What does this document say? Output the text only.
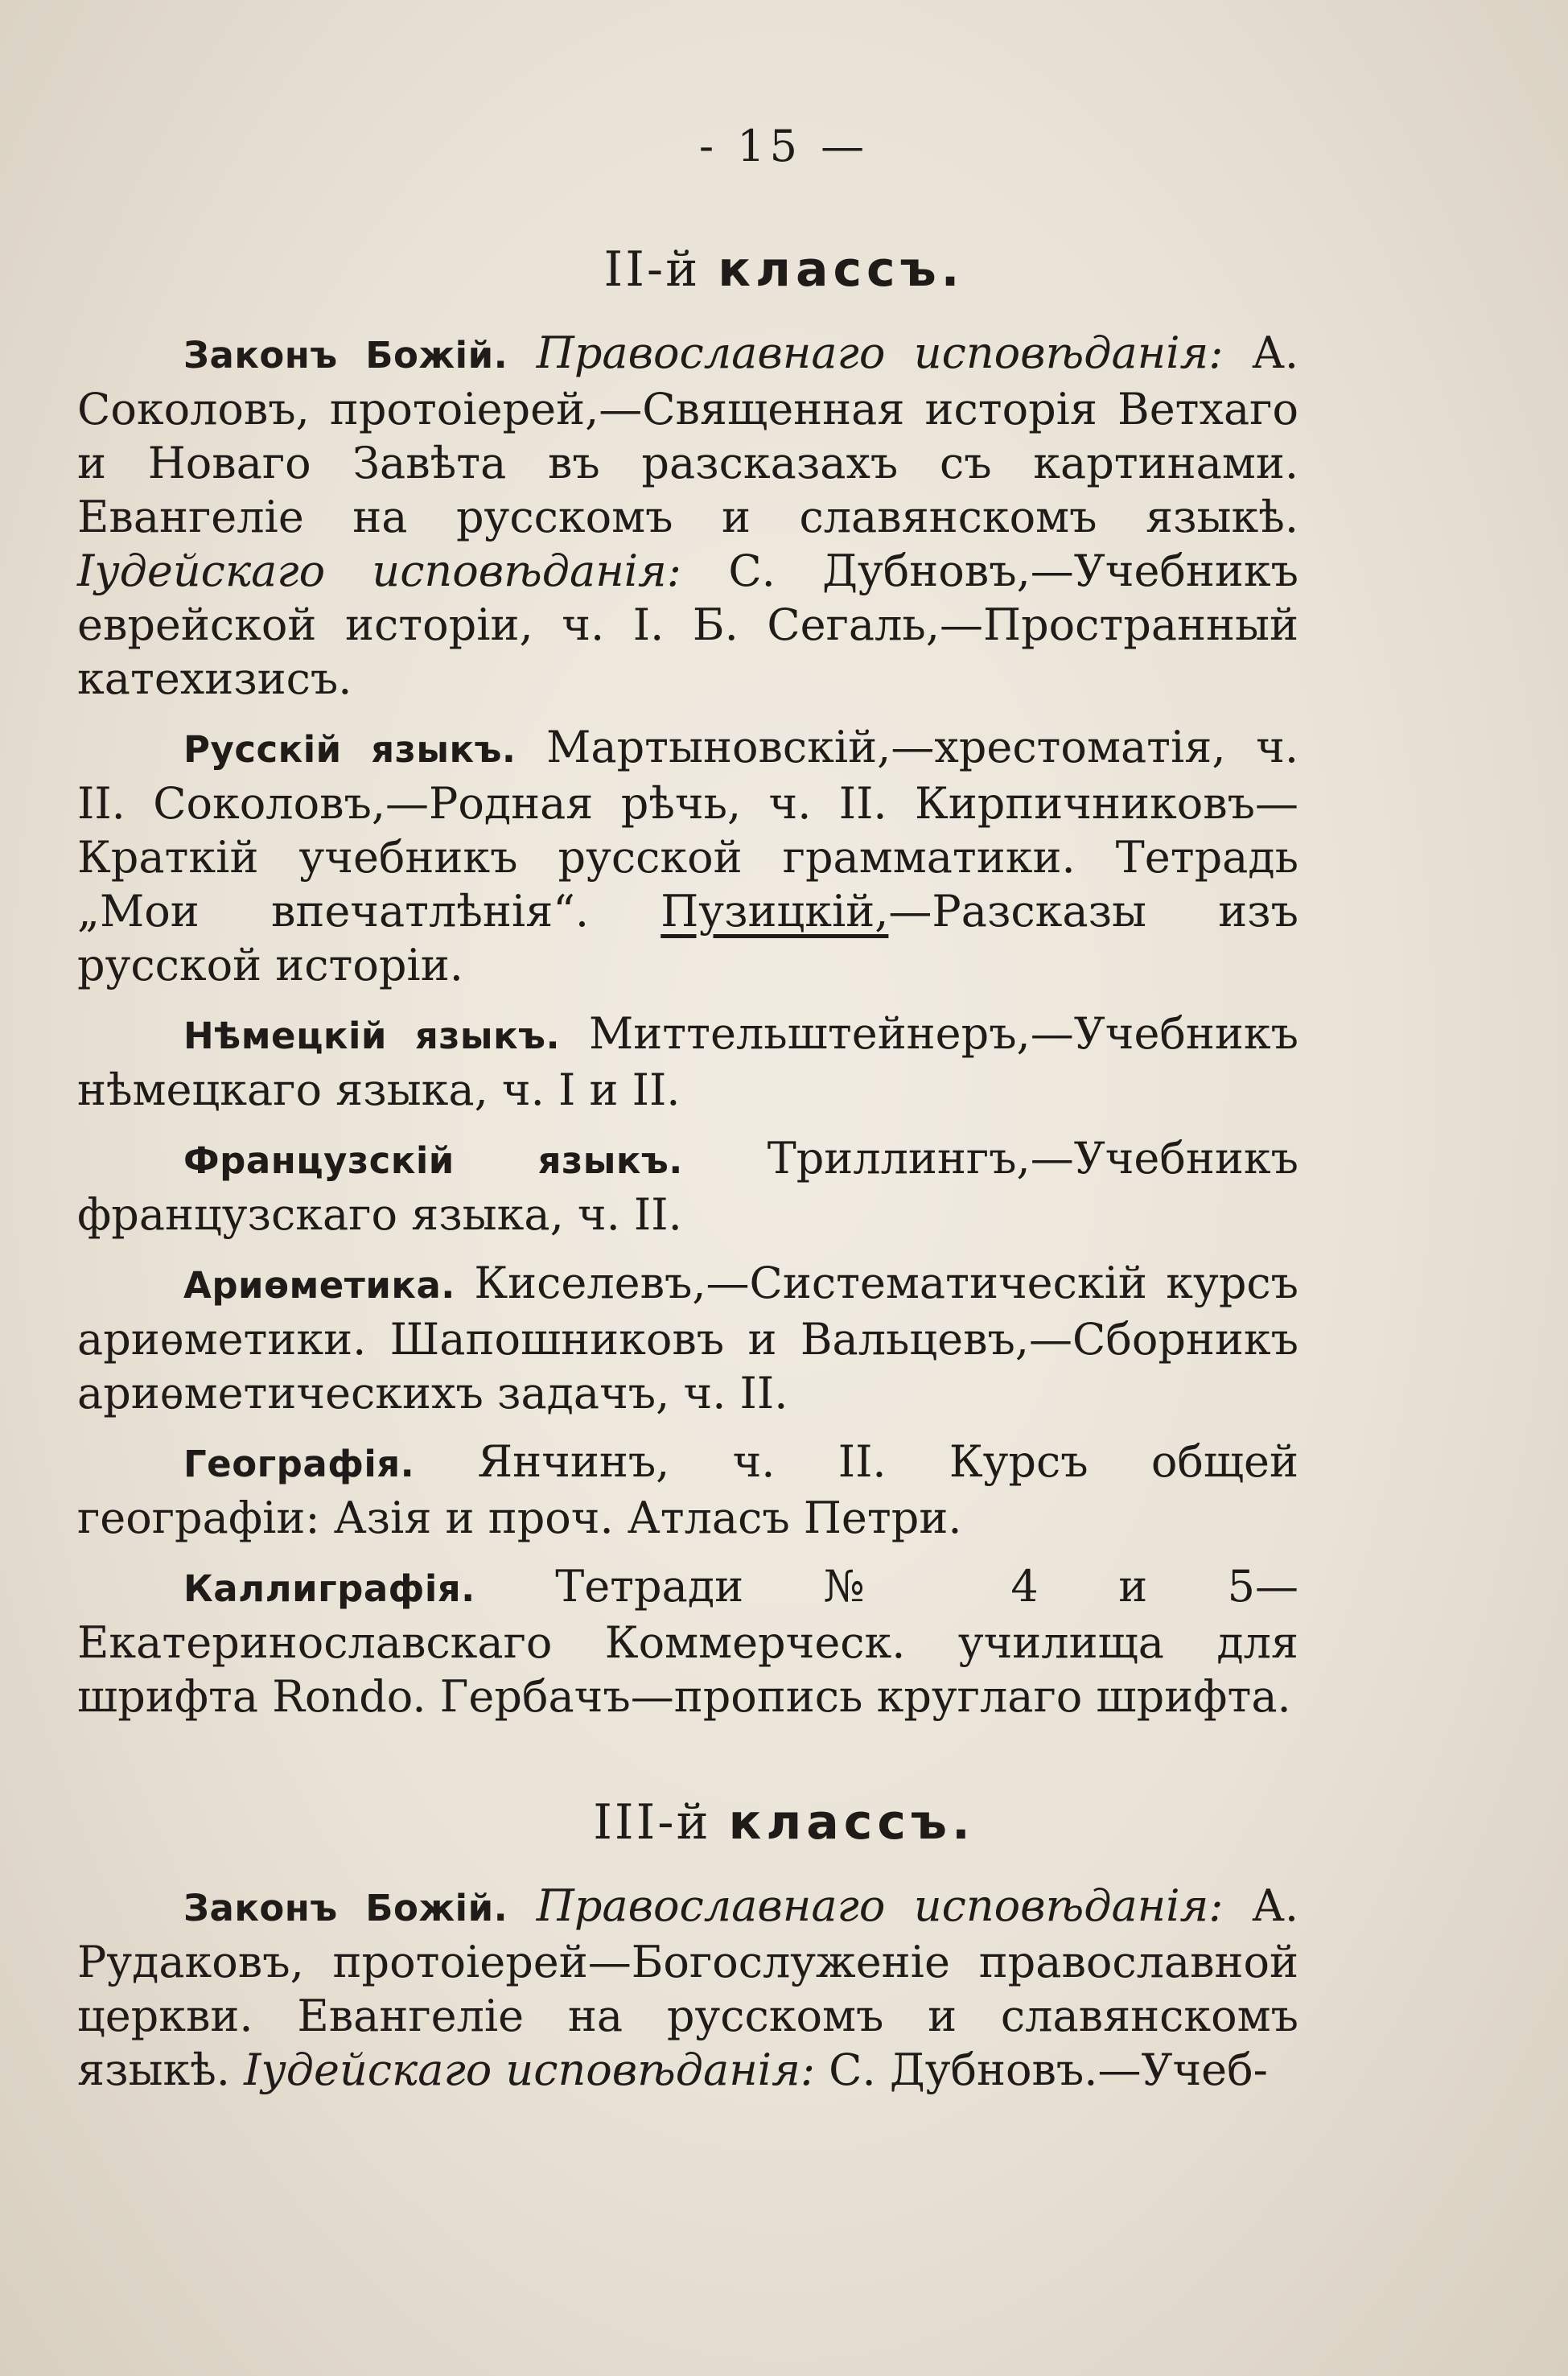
- 15 —
II-й классъ.

Законъ Божій. Православнаго исповѣданія: А. Соколовъ, протоіерей,—Священная исторія Ветхаго и Новаго Завѣта въ разсказахъ съ картинами. Евангеліе на русскомъ и славянскомъ языкѣ. Іудейскаго исповѣданія: С. Дубновъ,—Учебникъ еврейской исторіи, ч. I. Б. Сегаль,—Пространный катехизисъ.

Русскій языкъ. Мартыновскій,—хрестоматія, ч. II. Соколовъ,—Родная рѣчь, ч. II. Кирпичниковъ—Краткій учебникъ русской грамматики. Тетрадь „Мои впечатлѣнія“. Пузицкій,—Разсказы изъ русской исторіи.

Нѣмецкій языкъ. Миттельштейнеръ,—Учебникъ нѣмецкаго языка, ч. I и II.

Французскій языкъ. Триллингъ,—Учебникъ французскаго языка, ч. II.

Ариѳметика. Киселевъ,—Систематическій курсъ ариѳметики. Шапошниковъ и Вальцевъ,—Сборникъ ариѳметическихъ задачъ, ч. II.

Географія. Янчинъ, ч. II. Курсъ общей географіи: Азія и проч. Атласъ Петри.

Каллиграфія. Тетради № 4 и 5—Екатеринославскаго Коммерческ. училища для шрифта Rondo. Гербачъ—пропись круглаго шрифта.

III-й классъ.

Законъ Божій. Православнаго исповѣданія: А. Рудаковъ, протоіерей—Богослуженіе православной церкви. Евангеліе на русскомъ и славянскомъ языкѣ. Іудейскаго исповѣданія: С. Дубновъ.—Учеб-
